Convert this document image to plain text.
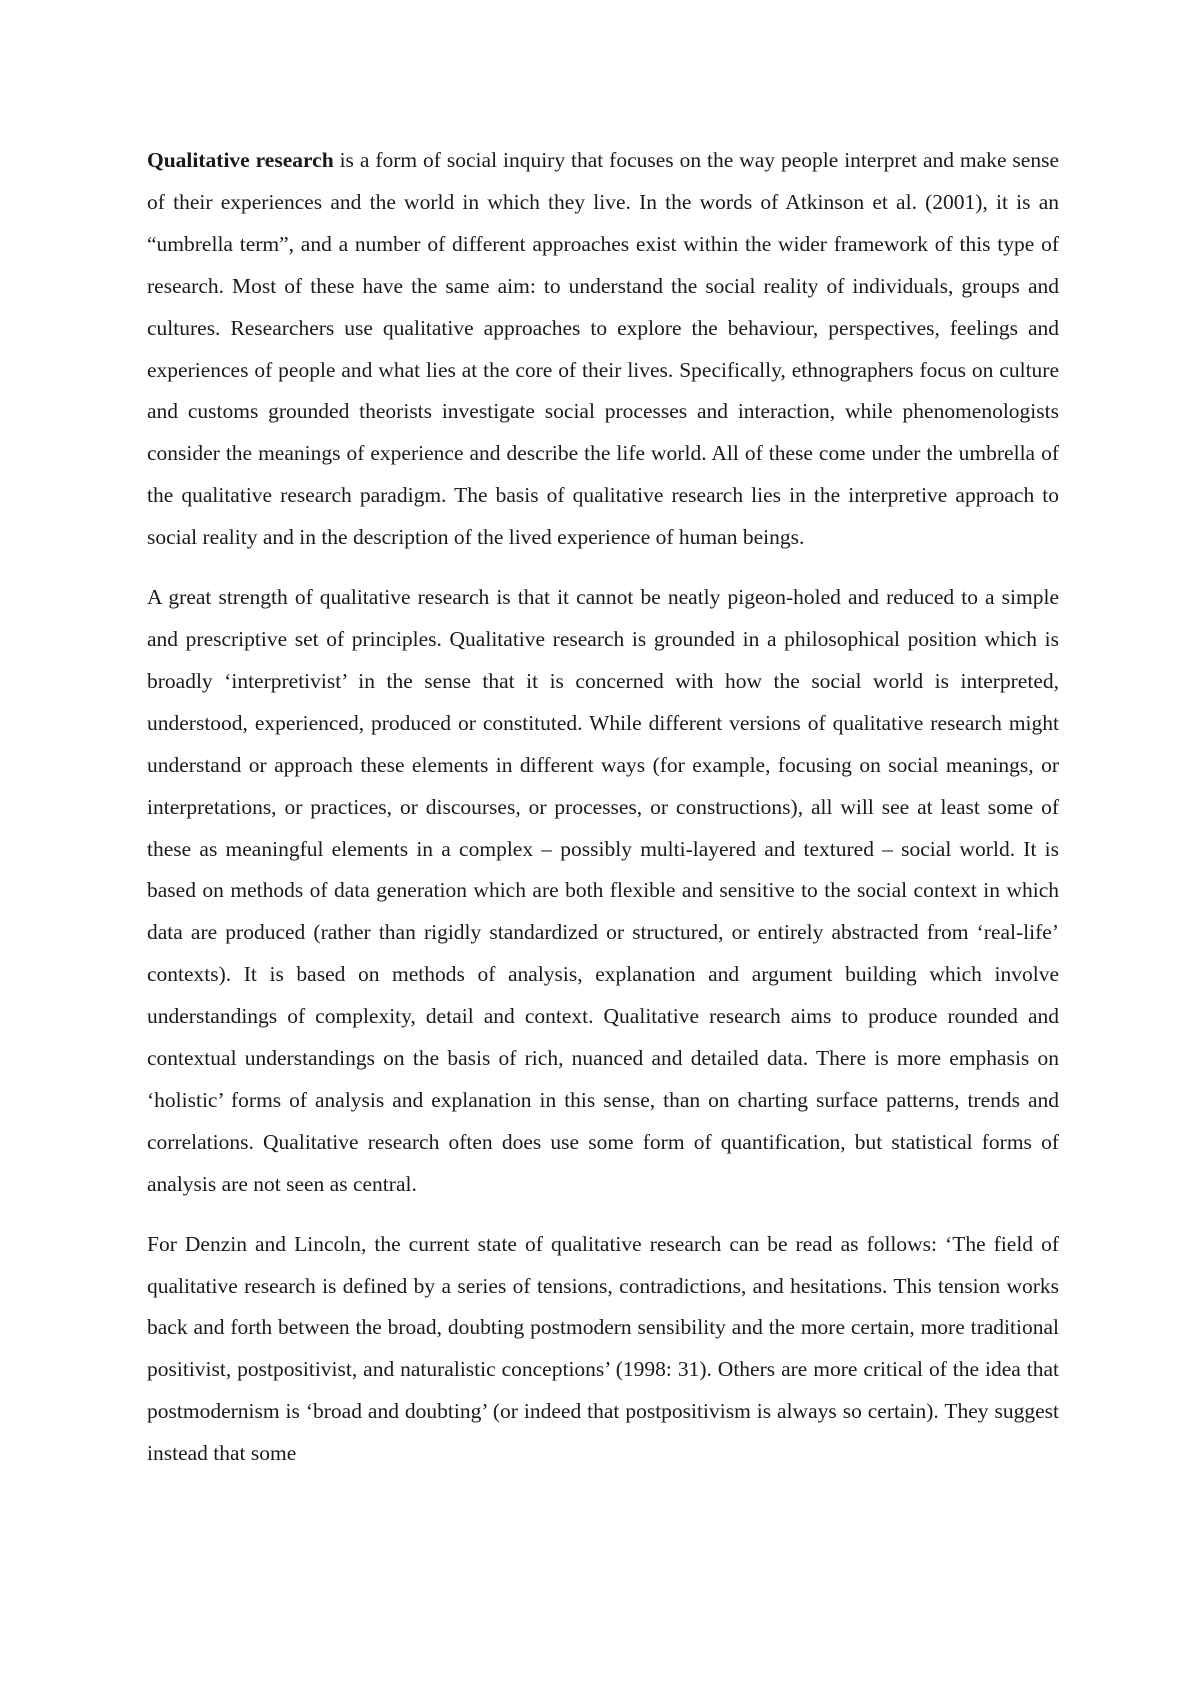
Qualitative research is a form of social inquiry that focuses on the way people interpret and make sense of their experiences and the world in which they live. In the words of Atkinson et al. (2001), it is an “umbrella term”, and a number of different approaches exist within the wider framework of this type of research. Most of these have the same aim: to understand the social reality of individuals, groups and cultures. Researchers use qualitative approaches to explore the behaviour, perspectives, feelings and experiences of people and what lies at the core of their lives. Specifically, ethnographers focus on culture and customs grounded theorists investigate social processes and interaction, while phenomenologists consider the meanings of experience and describe the life world. All of these come under the umbrella of the qualitative research paradigm. The basis of qualitative research lies in the interpretive approach to social reality and in the description of the lived experience of human beings.

A great strength of qualitative research is that it cannot be neatly pigeon-holed and reduced to a simple and prescriptive set of principles. Qualitative research is grounded in a philosophical position which is broadly ‘interpretivist’ in the sense that it is concerned with how the social world is interpreted, understood, experienced, produced or constituted. While different versions of qualitative research might understand or approach these elements in different ways (for example, focusing on social meanings, or interpretations, or practices, or discourses, or processes, or constructions), all will see at least some of these as meaningful elements in a complex – possibly multi-layered and textured – social world. It is based on methods of data generation which are both flexible and sensitive to the social context in which data are produced (rather than rigidly standardized or structured, or entirely abstracted from ‘real-life’ contexts). It is based on methods of analysis, explanation and argument building which involve understandings of complexity, detail and context. Qualitative research aims to produce rounded and contextual understandings on the basis of rich, nuanced and detailed data. There is more emphasis on ‘holistic’ forms of analysis and explanation in this sense, than on charting surface patterns, trends and correlations. Qualitative research often does use some form of quantification, but statistical forms of analysis are not seen as central.

For Denzin and Lincoln, the current state of qualitative research can be read as follows: ‘The field of qualitative research is defined by a series of tensions, contradictions, and hesitations. This tension works back and forth between the broad, doubting postmodern sensibility and the more certain, more traditional positivist, postpositivist, and naturalistic conceptions’ (1998: 31). Others are more critical of the idea that postmodernism is ‘broad and doubting’ (or indeed that postpositivism is always so certain). They suggest instead that some
